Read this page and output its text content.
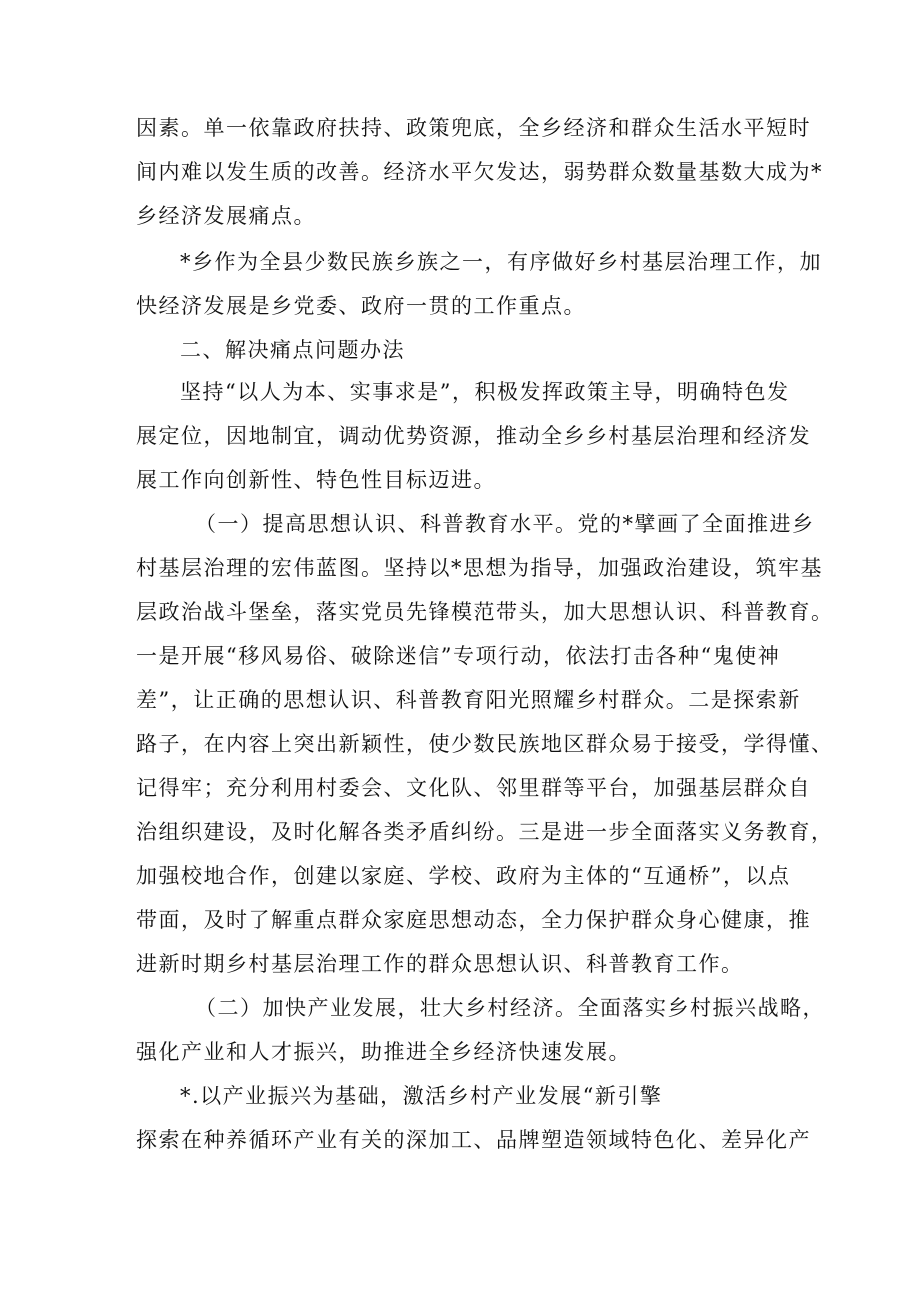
因素。单一依靠政府扶持、政策兜底，全乡经济和群众生活水平短时

间内难以发生质的改善。经济水平欠发达，弱势群众数量基数大成为*

乡经济发展痛点。

*乡作为全县少数民族乡族之一，有序做好乡村基层治理工作，加

快经济发展是乡党委、政府一贯的工作重点。

二、解决痛点问题办法

坚持“以人为本、实事求是”，积极发挥政策主导，明确特色发

展定位，因地制宜，调动优势资源，推动全乡乡村基层治理和经济发

展工作向创新性、特色性目标迈进。

（一）提高思想认识、科普教育水平。党的*擘画了全面推进乡

村基层治理的宏伟蓝图。坚持以*思想为指导，加强政治建设，筑牢基

层政治战斗堡垒，落实党员先锋模范带头，加大思想认识、科普教育。

一是开展“移风易俗、破除迷信”专项行动，依法打击各种“鬼使神

差”，让正确的思想认识、科普教育阳光照耀乡村群众。二是探索新

路子，在内容上突出新颖性，使少数民族地区群众易于接受，学得懂、

记得牢；充分利用村委会、文化队、邻里群等平台，加强基层群众自

治组织建设，及时化解各类矛盾纠纷。三是进一步全面落实义务教育，

加强校地合作，创建以家庭、学校、政府为主体的“互通桥”，以点

带面，及时了解重点群众家庭思想动态，全力保护群众身心健康，推

进新时期乡村基层治理工作的群众思想认识、科普教育工作。

（二）加快产业发展，壮大乡村经济。全面落实乡村振兴战略，

强化产业和人才振兴，助推进全乡经济快速发展。

*.以产业振兴为基础，激活乡村产业发展“新引擎

探索在种养循环产业有关的深加工、品牌塑造领域特色化、差异化产
